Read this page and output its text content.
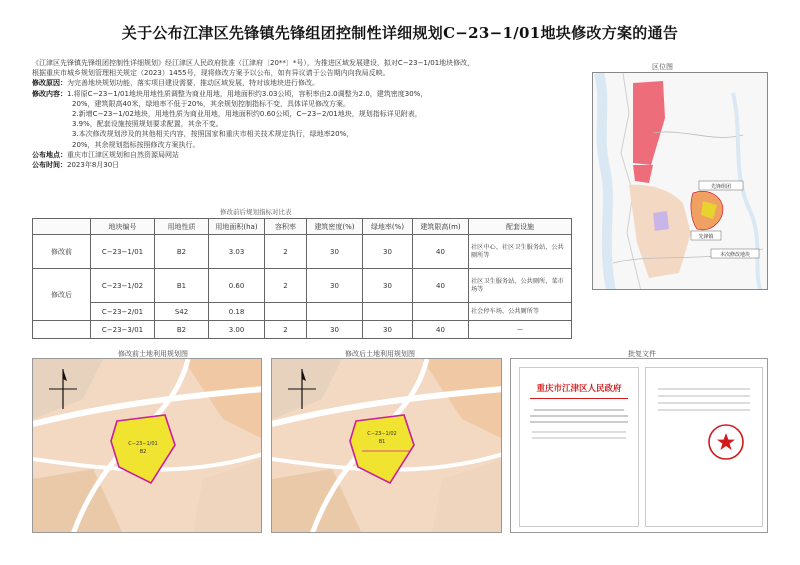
关于公布江津区先锋镇先锋组团控制性详细规划C−23−1/01地块修改方案的通告
《江津区先锋镇先锋组团控制性详细规划》经江津区人民政府批准（江津府〔20**〕*号），为推进区域发展建设，拟对C−23−1/01地块修改，
根据重庆市城乡规划管理相关规定（2023）1455号，现将修改方案予以公布，如有异议请于公告期内向我局反映。
修改原因：为完善地块规划功能，落实项目建设需要，推动区域发展，特对该地块进行修改。
修改内容：1.将原C−23−1/01地块用地性质调整为商业用地，用地面积约3.03公顷，容积率由2.0调整为2.0，建筑密度30%，
20%，建筑限高40米，绿地率不低于20%，其余规划控制指标不变，具体详见修改方案。
2.新增C−23−1/02地块，用地性质为商业用地，用地面积约0.60公顷，C−23−2/01地块，规划指标详见附表，
3.9%，配套设施按照规划要求配置，其余不变。
3.本次修改规划涉及的其他相关内容，按照国家和重庆市相关技术规定执行，绿地率20%，
20%，其余规划指标按照修改方案执行。
公布地点：重庆市江津区规划和自然资源局网站
公布时间：2023年8月30日
修改前后规划指标对比表
	地块编号	用地性质	用地面积(ha)	容积率	建筑密度(%)	绿地率(%)	建筑限高(m)	配套设施
修改前	C−23−1/01	B2	3.03	2	30	30	40	社区中心、社区卫生服务站、公共厕所等
修改后	C−23−1/02	B1	0.60	2	30	30	40	社区卫生服务站、公共厕所、菜市场等
	C−23−2/01	S42	0.18					社会停车场、公共厕所等
	C−23−3/01	B2	3.00	2	30	30	40	—
区位图
先锋组团
先锋镇
本次修改地块
修改前土地利用规划图
C−23−1/01
B2
修改后土地利用规划图
C−23−1/02
B1
批复文件
重庆市江津区人民政府
